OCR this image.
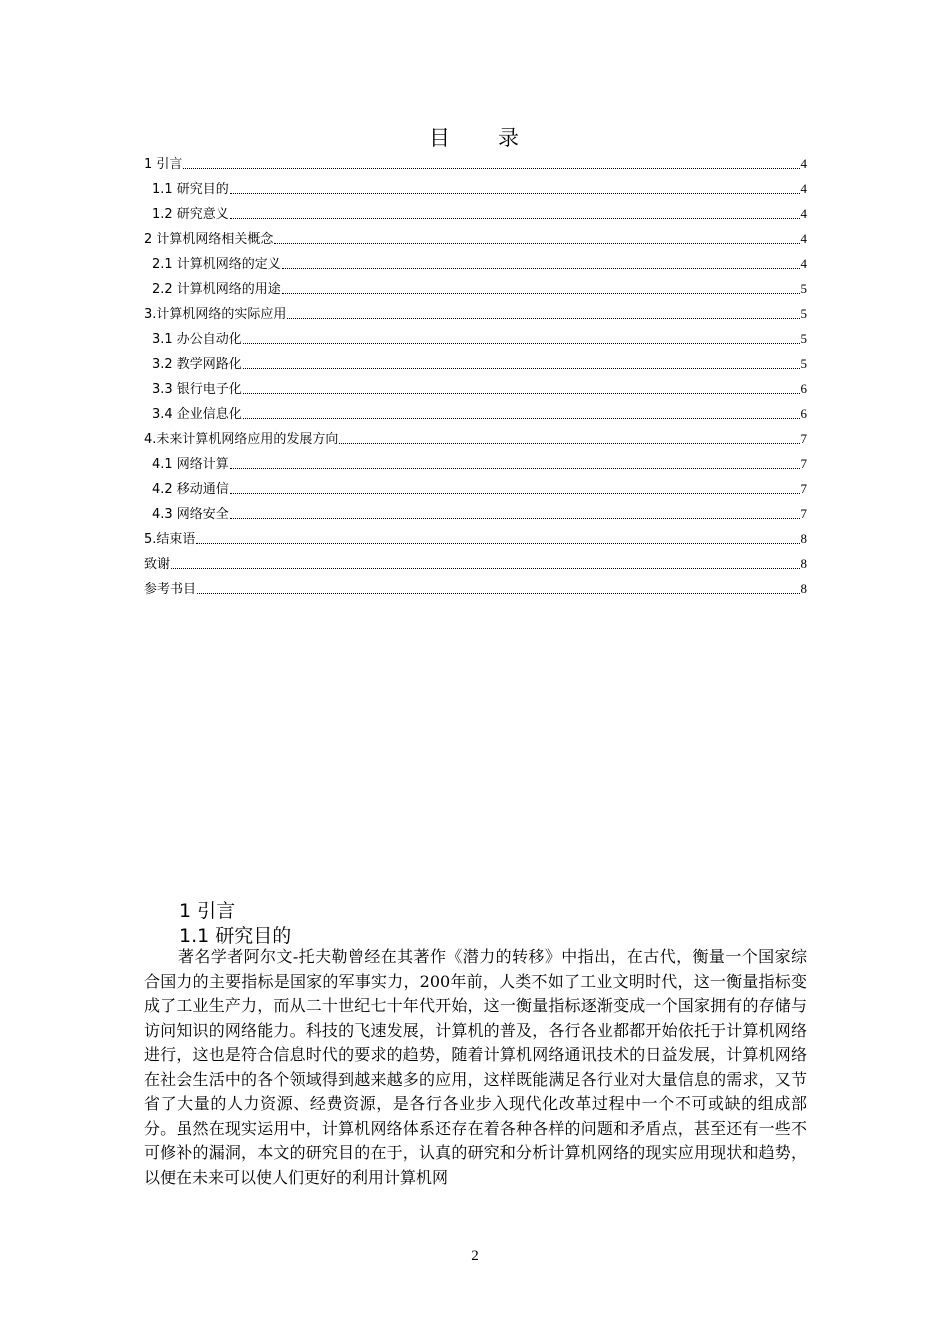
目　　录
1 引言	4
1.1 研究目的	4
1.2 研究意义	4
2 计算机网络相关概念	4
2.1 计算机网络的定义	4
2.2 计算机网络的用途	5
3.计算机网络的实际应用	5
3.1 办公自动化	5
3.2 教学网路化	5
3.3 银行电子化	6
3.4 企业信息化	6
4.未来计算机网络应用的发展方向	7
4.1 网络计算	7
4.2 移动通信	7
4.3 网络安全	7
5.结束语	8
致谢	8
参考书目	8
1 引言
1.1 研究目的
著名学者阿尔文-托夫勒曾经在其著作《潜力的转移》中指出，在古代，衡量一个国家综合国力的主要指标是国家的军事实力，200年前，人类不如了工业文明时代，这一衡量指标变成了工业生产力，而从二十世纪七十年代开始，这一衡量指标逐渐变成一个国家拥有的存储与访问知识的网络能力。科技的飞速发展，计算机的普及，各行各业都都开始依托于计算机网络进行，这也是符合信息时代的要求的趋势，随着计算机网络通讯技术的日益发展，计算机网络在社会生活中的各个领域得到越来越多的应用，这样既能满足各行业对大量信息的需求，又节省了大量的人力资源、经费资源，是各行各业步入现代化改革过程中一个不可或缺的组成部分。虽然在现实运用中，计算机网络体系还存在着各种各样的问题和矛盾点，甚至还有一些不可修补的漏洞，本文的研究目的在于，认真的研究和分析计算机网络的现实应用现状和趋势，以便在未来可以使人们更好的利用计算机网
2
